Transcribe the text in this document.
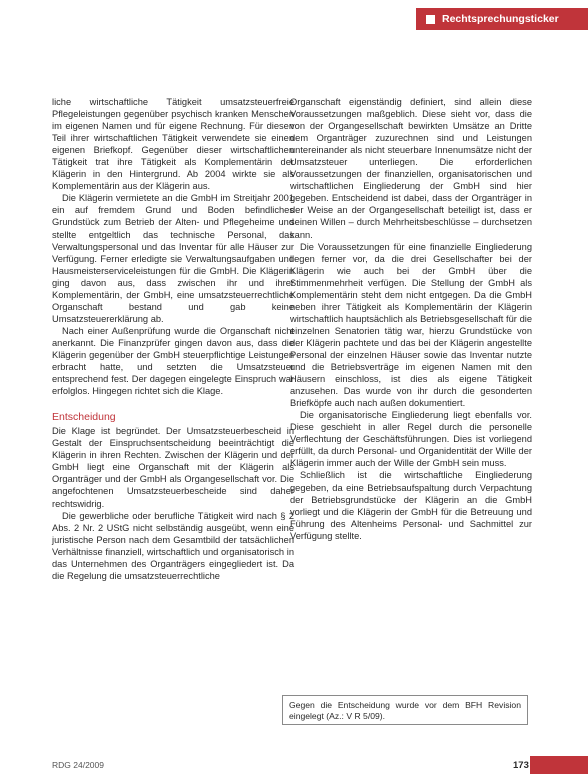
Rechtsprechungsticker

liche wirtschaftliche Tätigkeit umsatzsteuerfreie Pflegeleistungen gegenüber psychisch kranken Menschen im eigenen Namen und für eigene Rechnung. Für diesen Teil ihrer wirtschaftlichen Tätigkeit verwendete sie einen eigenen Briefkopf. Gegenüber dieser wirtschaftlichen Tätigkeit trat ihre Tätigkeit als Komplementärin der Klägerin in den Hintergrund. Ab 2004 wirkte sie als Komplementärin aus der Klägerin aus.

Die Klägerin vermietete an die GmbH im Streitjahr 2001 ein auf fremdem Grund und Boden befindliches Grundstück zum Betrieb der Alten- und Pflegeheime und stellte entgeltlich das technische Personal, das Verwaltungspersonal und das Inventar für alle Häuser zur Verfügung. Ferner erledigte sie Verwaltungsaufgaben und Hausmeisterserviceleistungen für die GmbH. Die Klägerin ging davon aus, dass zwischen ihr und ihrer Komplementärin, der GmbH, eine umsatzsteuerrechtliche Organschaft bestand und gab keine Umsatzsteuererklärung ab.

Nach einer Außenprüfung wurde die Organschaft nicht anerkannt. Die Finanzprüfer gingen davon aus, dass die Klägerin gegenüber der GmbH steuerpflichtige Leistungen erbracht hatte, und setzten die Umsatzsteuer entsprechend fest. Der dagegen eingelegte Einspruch war erfolglos. Hingegen richtet sich die Klage.

Entscheidung

Die Klage ist begründet. Der Umsatzsteuerbescheid in Gestalt der Einspruchsentscheidung beeinträchtigt die Klägerin in ihren Rechten. Zwischen der Klägerin und der GmbH liegt eine Organschaft mit der Klägerin als Organträger und der GmbH als Organgesellschaft vor. Die angefochtenen Umsatzsteuerbescheide sind daher rechtswidrig.

Die gewerbliche oder berufliche Tätigkeit wird nach § 2 Abs. 2 Nr. 2 UStG nicht selbständig ausgeübt, wenn eine juristische Person nach dem Gesamtbild der tatsächlichen Verhältnisse finanziell, wirtschaftlich und organisatorisch in das Unternehmen des Organträgers eingegliedert ist. Da die Regelung die umsatzsteuerrechtliche

Organschaft eigenständig definiert, sind allein diese Voraussetzungen maßgeblich. Diese sieht vor, dass die von der Organgesellschaft bewirkten Umsätze an Dritte dem Organträger zuzurechnen sind und Leistungen untereinander als nicht steuerbare Innenumsätze nicht der Umsatzsteuer unterliegen. Die erforderlichen Voraussetzungen der finanziellen, organisatorischen und wirtschaftlichen Eingliederung der GmbH sind hier gegeben. Entscheidend ist dabei, dass der Organträger in der Weise an der Organgesellschaft beteiligt ist, dass er seinen Willen – durch Mehrheitsbeschlüsse – durchsetzen kann.

Die Voraussetzungen für eine finanzielle Eingliederung liegen ferner vor, da die drei Gesellschafter bei der Klägerin wie auch bei der GmbH über die Stimmenmehrheit verfügen. Die Stellung der GmbH als Komplementärin steht dem nicht entgegen. Da die GmbH neben ihrer Tätigkeit als Komplementärin der Klägerin wirtschaftlich hauptsächlich als Betriebsgesellschaft für die einzelnen Senatorien tätig war, hierzu Grundstücke von der Klägerin pachtete und das bei der Klägerin angestellte Personal der einzelnen Häuser sowie das Inventar nutzte und die Betriebsverträge im eigenen Namen mit den Häusern einschloss, ist dies als eigene Tätigkeit anzusehen. Das wurde von ihr durch die gesonderten Briefköpfe auch nach außen dokumentiert.

Die organisatorische Eingliederung liegt ebenfalls vor. Diese geschieht in aller Regel durch die personelle Verflechtung der Geschäftsführungen. Dies ist vorliegend erfüllt, da durch Personal- und Organidentität der Wille der Klägerin immer auch der Wille der GmbH sein muss.

Schließlich ist die wirtschaftliche Eingliederung gegeben, da eine Betriebsaufspaltung durch Verpachtung der Betriebsgrundstücke der Klägerin an die GmbH vorliegt und die Klägerin der GmbH für die Betreuung und Führung des Altenheims Personal- und Sachmittel zur Verfügung stellte.

Gegen die Entscheidung wurde vor dem BFH Revision eingelegt (Az.: V R 5/09).
RDG 24/2009	173
